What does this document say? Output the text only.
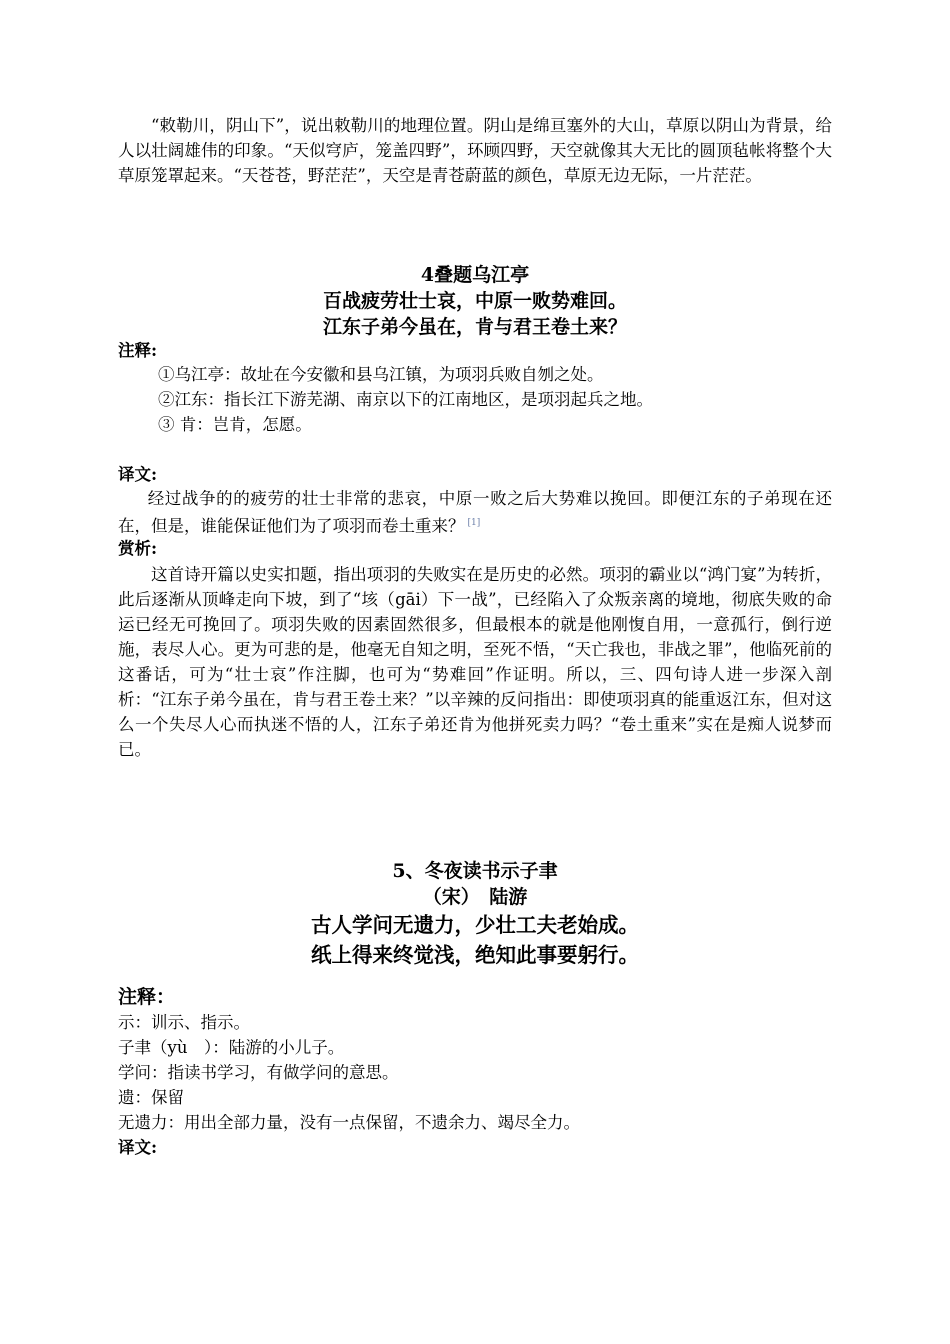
“敕勒川，阴山下”，说出敕勒川的地理位置。阴山是绵亘塞外的大山，草原以阴山为背景，给人以壮阔雄伟的印象。“天似穹庐，笼盖四野”，环顾四野，天空就像其大无比的圆顶毡帐将整个大草原笼罩起来。“天苍苍，野茫茫”，天空是青苍蔚蓝的颜色，草原无边无际，一片茫茫。

4叠题乌江亭
百战疲劳壮士哀，中原一败势难回。
江东子弟今虽在，肯与君王卷土来？
注释:

①乌江亭：故址在今安徽和县乌江镇，为项羽兵败自刎之处。

②江东：指长江下游芜湖、南京以下的江南地区，是项羽起兵之地。

③ 肯：岂肯，怎愿。

译文:

经过战争的的疲劳的壮士非常的悲哀，中原一败之后大势难以挽回。即便江东的子弟现在还在，但是，谁能保证他们为了项羽而卷土重来？ [1]

赏析:

这首诗开篇以史实扣题，指出项羽的失败实在是历史的必然。项羽的霸业以“鸿门宴”为转折，此后逐渐从顶峰走向下坡，到了“垓（gāi）下一战”，已经陷入了众叛亲离的境地，彻底失败的命运已经无可挽回了。项羽失败的因素固然很多，但最根本的就是他刚愎自用，一意孤行，倒行逆施，表尽人心。更为可悲的是，他毫无自知之明，至死不悟，“天亡我也，非战之罪”，他临死前的这番话，可为“壮士哀”作注脚，也可为“势难回”作证明。所以，三、四句诗人进一步深入剖析：“江东子弟今虽在，肯与君王卷土来？”以辛辣的反问指出：即使项羽真的能重返江东，但对这么一个失尽人心而执迷不悟的人，江东子弟还肯为他拼死卖力吗？“卷土重来”实在是痴人说梦而已。

5、冬夜读书示子聿
（宋）　陆游
古人学问无遗力，少壮工夫老始成。
纸上得来终觉浅，绝知此事要躬行。
注释：

示：训示、指示。

子聿（yù　）：陆游的小儿子。

学问：指读书学习，有做学问的意思。

遗：保留

无遗力：用出全部力量，没有一点保留，不遗余力、竭尽全力。

译文:
